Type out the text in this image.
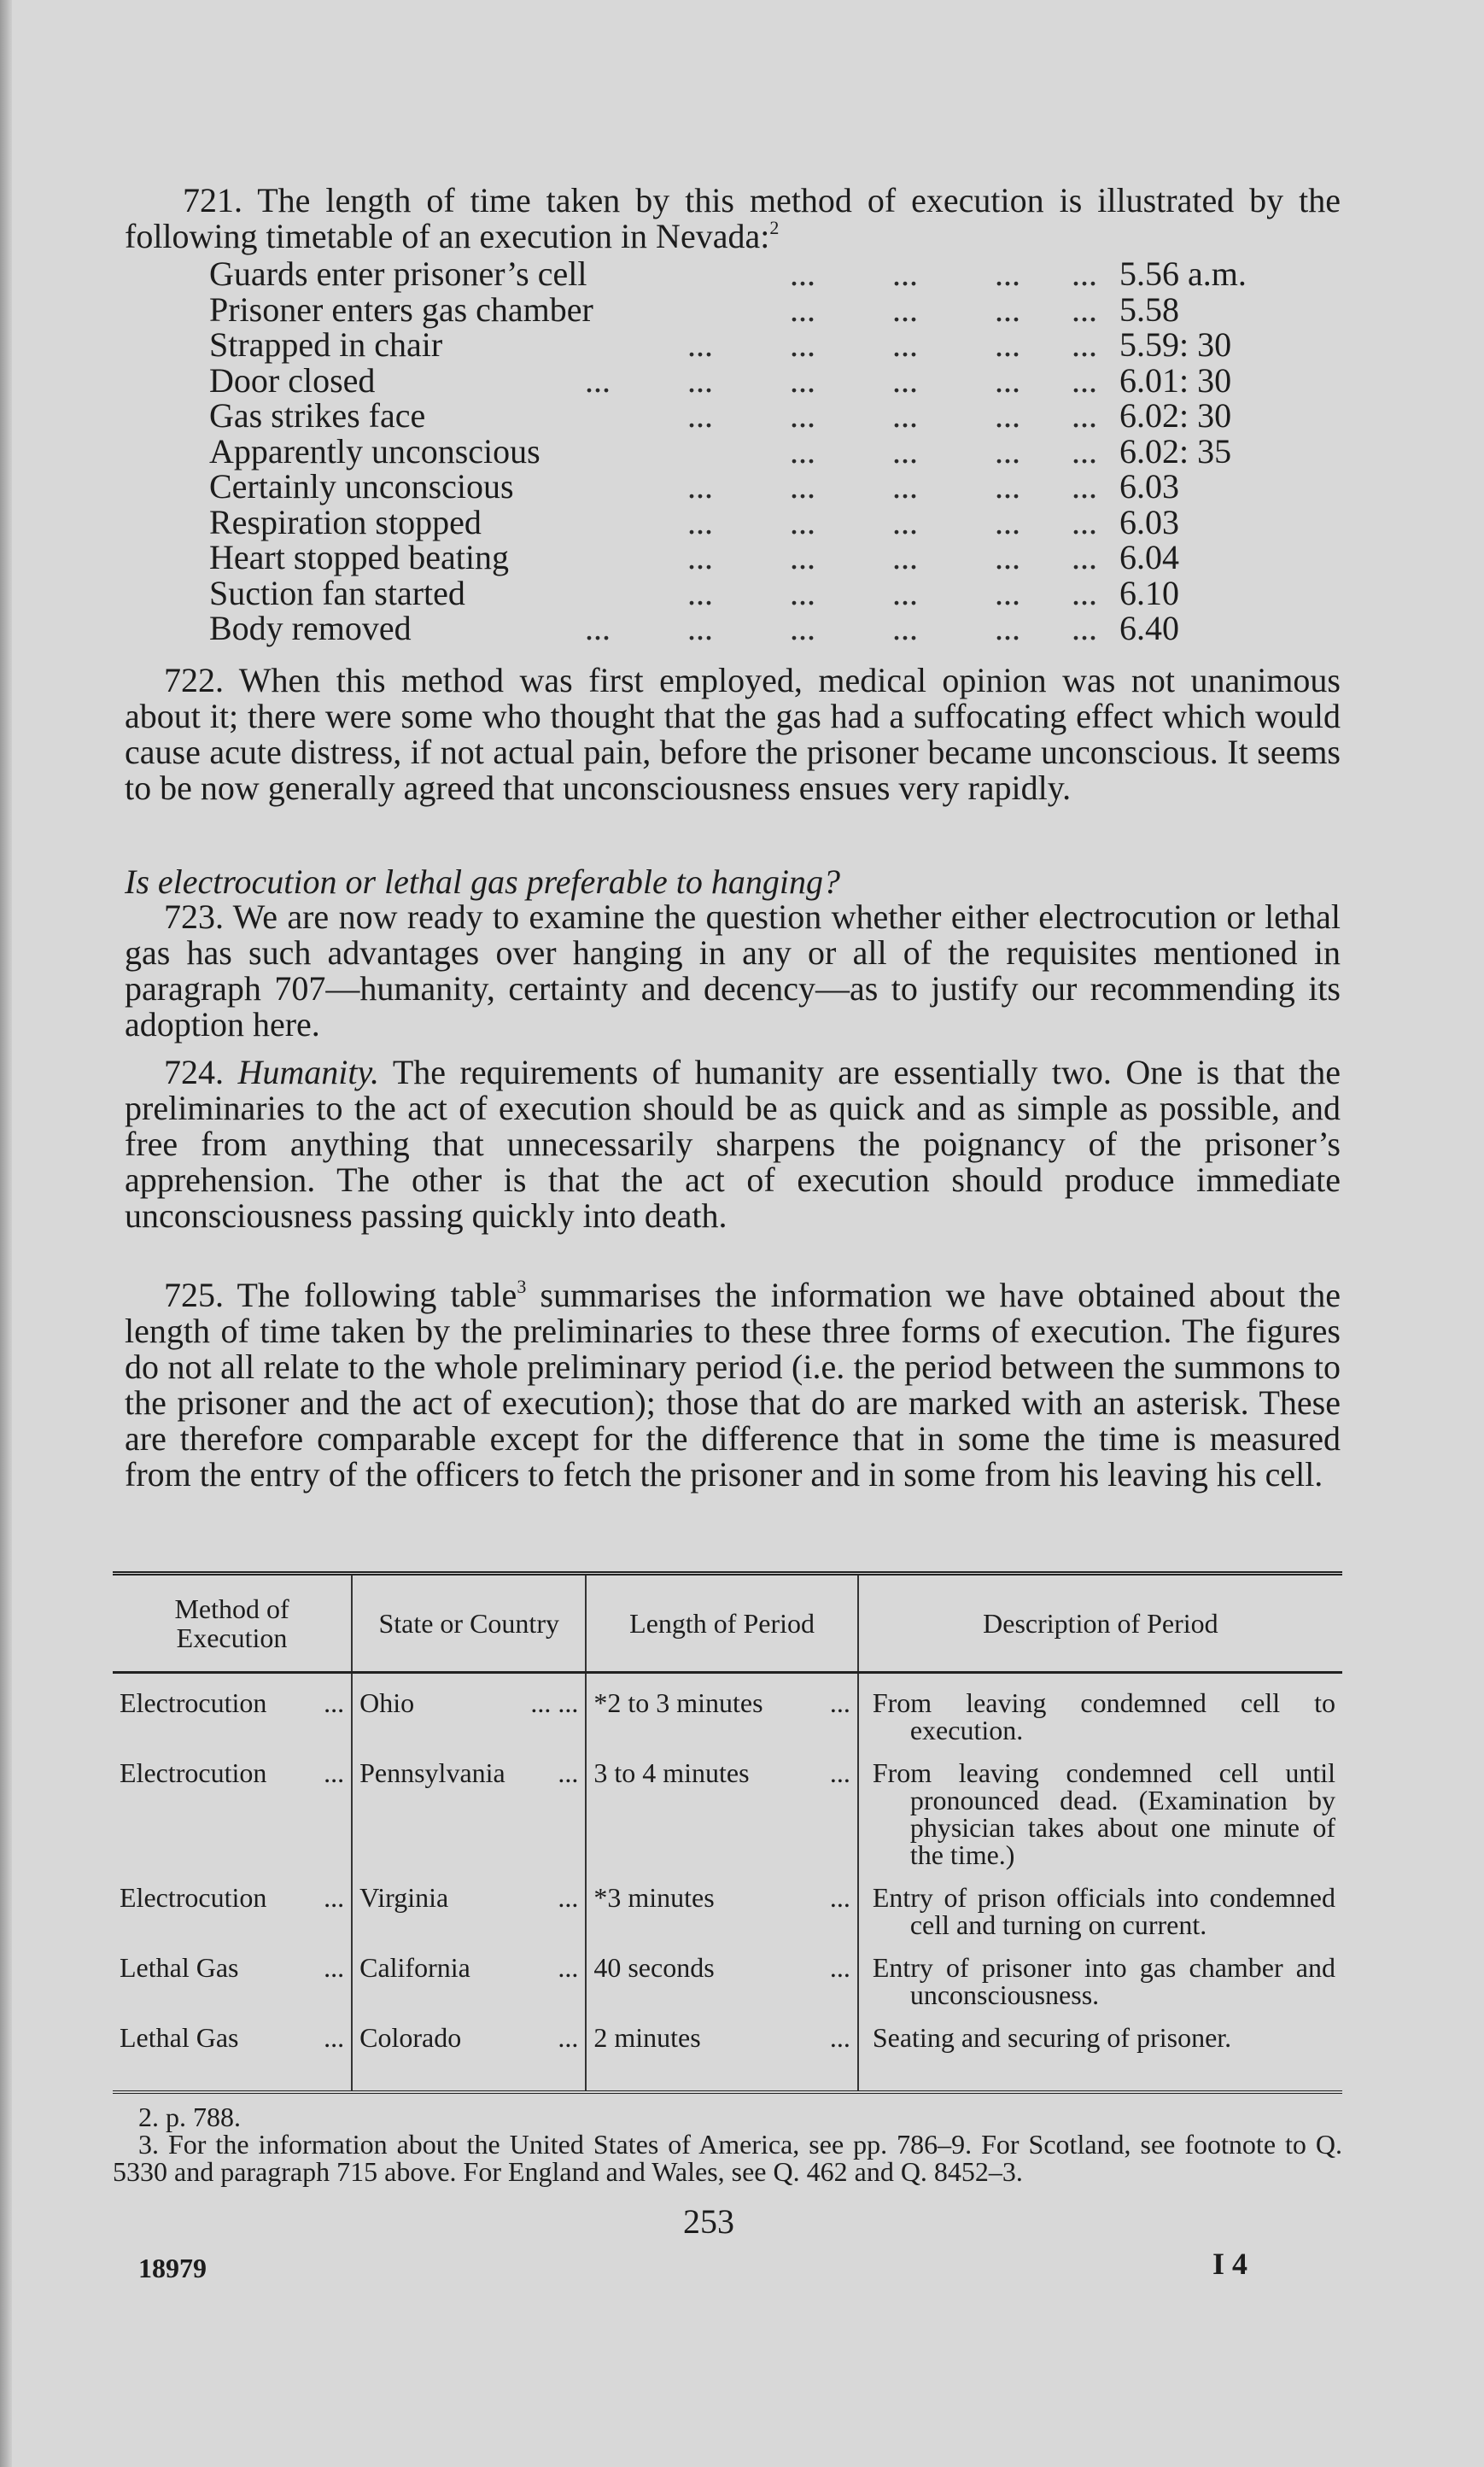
721. The length of time taken by this method of execution is illustrated by the following timetable of an execution in Nevada:$^2$

Guards enter prisoner’s cell	... ... ... ... 5.56 a.m.
Prisoner enters gas chamber	... ... ... ... 5.58
Strapped in chair	... ... ... ... ... 5.59: 30
Door closed	... ... ... ... ... ... 6.01: 30
Gas strikes face	... ... ... ... ... 6.02: 30
Apparently unconscious	... ... ... ... 6.02: 35
Certainly unconscious	... ... ... ... ... 6.03
Respiration stopped	... ... ... ... ... 6.03
Heart stopped beating	... ... ... ... ... 6.04
Suction fan started	... ... ... ... ... 6.10
Body removed	... ... ... ... ... ... 6.40

722. When this method was first employed, medical opinion was not unanimous about it; there were some who thought that the gas had a suffocating effect which would cause acute distress, if not actual pain, before the prisoner became unconscious. It seems to be now generally agreed that unconsciousness ensues very rapidly.

Is electrocution or lethal gas preferable to hanging?

723. We are now ready to examine the question whether either electrocution or lethal gas has such advantages over hanging in any or all of the requisites mentioned in paragraph 707—humanity, certainty and decency—as to justify our recommending its adoption here.

724. Humanity. The requirements of humanity are essentially two. One is that the preliminaries to the act of execution should be as quick and as simple as possible, and free from anything that unnecessarily sharpens the poignancy of the prisoner’s apprehension. The other is that the act of execution should produce immediate unconsciousness passing quickly into death.

725. The following table$^3$ summarises the information we have obtained about the length of time taken by the preliminaries to these three forms of execution. The figures do not all relate to the whole preliminary period (i.e. the period between the summons to the prisoner and the act of execution); those that do are marked with an asterisk. These are therefore comparable except for the difference that in some the time is measured from the entry of the officers to fetch the prisoner and in some from his leaving his cell.

Method of Execution	State or Country	Length of Period	Description of Period

Electrocution ...	Ohio ... ...	*2 to 3 minutes ...	From leaving condemned cell to execution.

Electrocution ...	Pennsylvania ...	3 to 4 minutes ...	From leaving condemned cell until pronounced dead. (Examination by physician takes about one minute of the time.)

Electrocution ...	Virginia ...	*3 minutes ...	Entry of prison officials into condemned cell and turning on current.

Lethal Gas ...	California ...	40 seconds ...	Entry of prisoner into gas chamber and unconsciousness.

Lethal Gas ...	Colorado ...	2 minutes ...	Seating and securing of prisoner.

2. p. 788.

3. For the information about the United States of America, see pp. 786–9. For Scotland, see footnote to Q. 5330 and paragraph 715 above. For England and Wales, see Q. 462 and Q. 8452–3.

253
18979	I 4
